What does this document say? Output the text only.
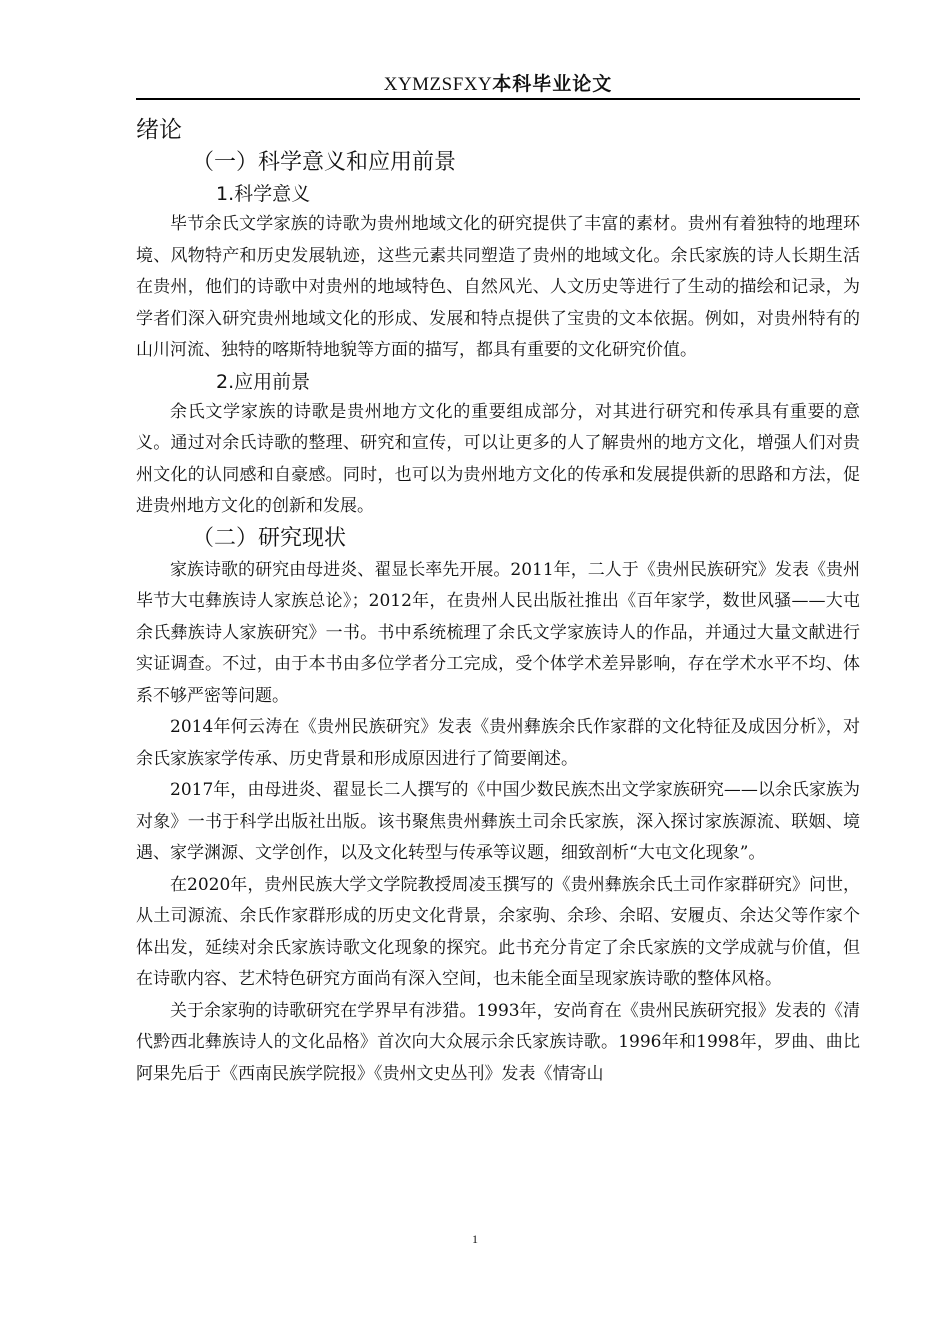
XYMZSFXY本科毕业论文
绪论
（一）科学意义和应用前景
1.科学意义

毕节余氏文学家族的诗歌为贵州地域文化的研究提供了丰富的素材。贵州有着独特的地理环境、风物特产和历史发展轨迹，这些元素共同塑造了贵州的地域文化。余氏家族的诗人长期生活在贵州，他们的诗歌中对贵州的地域特色、自然风光、人文历史等进行了生动的描绘和记录，为学者们深入研究贵州地域文化的形成、发展和特点提供了宝贵的文本依据。例如，对贵州特有的山川河流、独特的喀斯特地貌等方面的描写，都具有重要的文化研究价值。

2.应用前景

余氏文学家族的诗歌是贵州地方文化的重要组成部分，对其进行研究和传承具有重要的意义。通过对余氏诗歌的整理、研究和宣传，可以让更多的人了解贵州的地方文化，增强人们对贵州文化的认同感和自豪感。同时，也可以为贵州地方文化的传承和发展提供新的思路和方法，促进贵州地方文化的创新和发展。

（二）研究现状

家族诗歌的研究由母进炎、翟显长率先开展。2011年，二人于《贵州民族研究》发表《贵州毕节大屯彝族诗人家族总论》；2012年，在贵州人民出版社推出《百年家学，数世风骚——大屯余氏彝族诗人家族研究》一书。书中系统梳理了余氏文学家族诗人的作品，并通过大量文献进行实证调查。不过，由于本书由多位学者分工完成，受个体学术差异影响，存在学术水平不均、体系不够严密等问题。

2014年何云涛在《贵州民族研究》发表《贵州彝族余氏作家群的文化特征及成因分析》，对余氏家族家学传承、历史背景和形成原因进行了简要阐述。

2017年，由母进炎、翟显长二人撰写的《中国少数民族杰出文学家族研究——以余氏家族为对象》一书于科学出版社出版。该书聚焦贵州彝族土司余氏家族，深入探讨家族源流、联姻、境遇、家学渊源、文学创作，以及文化转型与传承等议题，细致剖析“大屯文化现象”。

在2020年，贵州民族大学文学院教授周凌玉撰写的《贵州彝族余氏土司作家群研究》问世，从土司源流、余氏作家群形成的历史文化背景，余家驹、余珍、余昭、安履贞、余达父等作家个体出发，延续对余氏家族诗歌文化现象的探究。此书充分肯定了余氏家族的文学成就与价值，但在诗歌内容、艺术特色研究方面尚有深入空间，也未能全面呈现家族诗歌的整体风格。

关于余家驹的诗歌研究在学界早有涉猎。1993年，安尚育在《贵州民族研究报》发表的《清代黔西北彝族诗人的文化品格》首次向大众展示余氏家族诗歌。1996年和1998年，罗曲、曲比阿果先后于《西南民族学院报》《贵州文史丛刊》发表《情寄山

1
